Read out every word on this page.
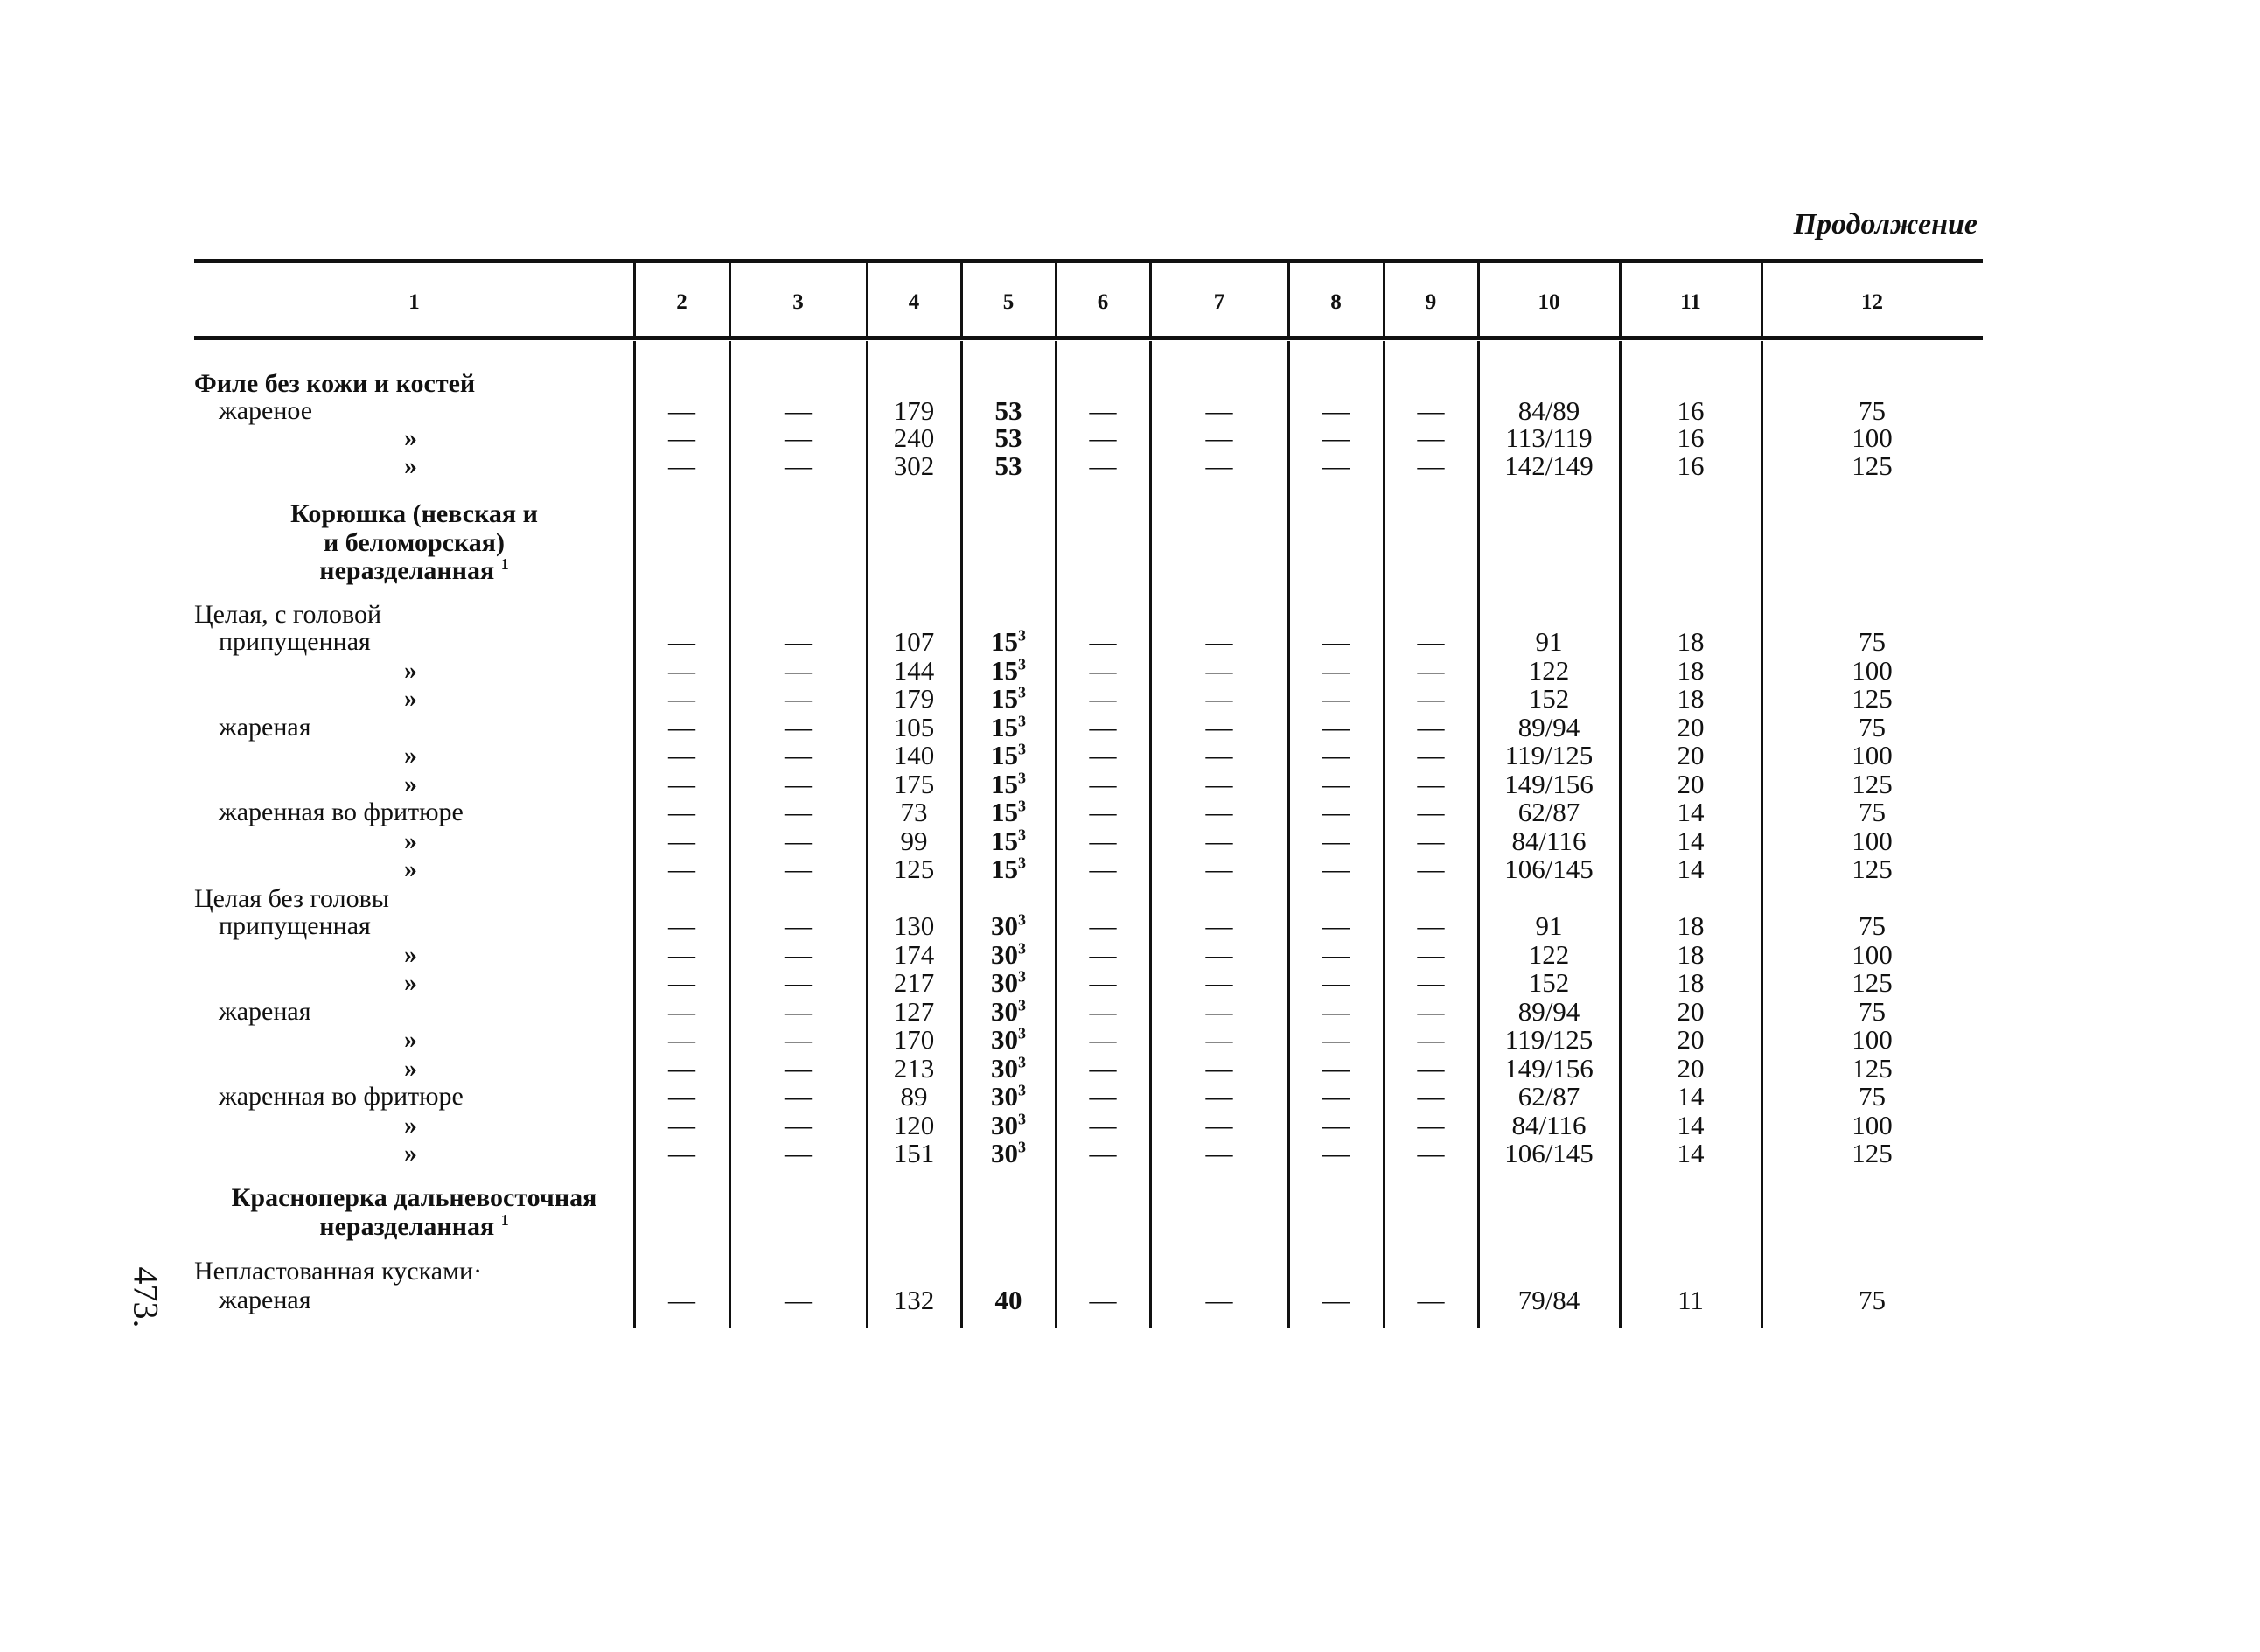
Продолжение
473.
1	2	3	4	5	6	7	8	9	10	11	12
Филе без кожи и костей
жареное	—	—	179	53	—	—	—	—	84/89	16	75
»	—	—	240	53	—	—	—	—	113/119	16	100
»	—	—	302	53	—	—	—	—	142/149	16	125
Корюшка (невская и
и беломорская)
неразделанная $^1$
Целая, с головой
припущенная	—	—	107	$15^3$	—	—	—	—	91	18	75
»	—	—	144	$15^3$	—	—	—	—	122	18	100
»	—	—	179	$15^3$	—	—	—	—	152	18	125
жареная	—	—	105	$15^3$	—	—	—	—	89/94	20	75
»	—	—	140	$15^3$	—	—	—	—	119/125	20	100
»	—	—	175	$15^3$	—	—	—	—	149/156	20	125
жаренная во фритюре	—	—	73	$15^3$	—	—	—	—	62/87	14	75
»	—	—	99	$15^3$	—	—	—	—	84/116	14	100
»	—	—	125	$15^3$	—	—	—	—	106/145	14	125
Целая без головы
припущенная	—	—	130	$30^3$	—	—	—	—	91	18	75
»	—	—	174	$30^3$	—	—	—	—	122	18	100
»	—	—	217	$30^3$	—	—	—	—	152	18	125
жареная	—	—	127	$30^3$	—	—	—	—	89/94	20	75
»	—	—	170	$30^3$	—	—	—	—	119/125	20	100
»	—	—	213	$30^3$	—	—	—	—	149/156	20	125
жаренная во фритюре	—	—	89	$30^3$	—	—	—	—	62/87	14	75
»	—	—	120	$30^3$	—	—	—	—	84/116	14	100
»	—	—	151	$30^3$	—	—	—	—	106/145	14	125
Красноперка дальневосточная
неразделанная $^1$
Непластованная кусками·
жареная	—	—	132	40	—	—	—	—	79/84	11	75
